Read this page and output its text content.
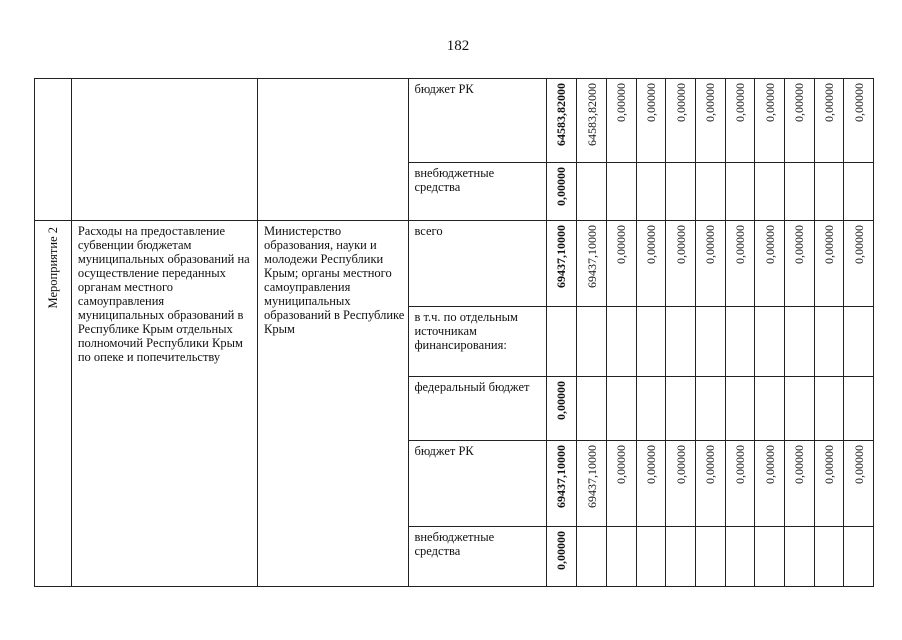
182

			бюджет РК	64583,82000	64583,82000	0,00000	0,00000	0,00000	0,00000	0,00000	0,00000	0,00000	0,00000	0,00000

			внебюджетные средства	0,00000										

Мероприятие 2	Расходы на предоставление субвенции бюджетам муниципальных образований на осуществление переданных органам местного самоуправления муниципальных образований в Республике Крым отдельных полномочий Республики Крым по опеке и попечительству	Министерство образования, науки и молодежи Республики Крым; органы местного самоуправления муниципальных образований в Республике Крым	всего	69437,10000	69437,10000	0,00000	0,00000	0,00000	0,00000	0,00000	0,00000	0,00000	0,00000	0,00000

			в т.ч. по отдельным источникам финансирования:											

			федеральный бюджет	0,00000										

			бюджет РК	69437,10000	69437,10000	0,00000	0,00000	0,00000	0,00000	0,00000	0,00000	0,00000	0,00000	0,00000

			внебюджетные средства	0,00000										
